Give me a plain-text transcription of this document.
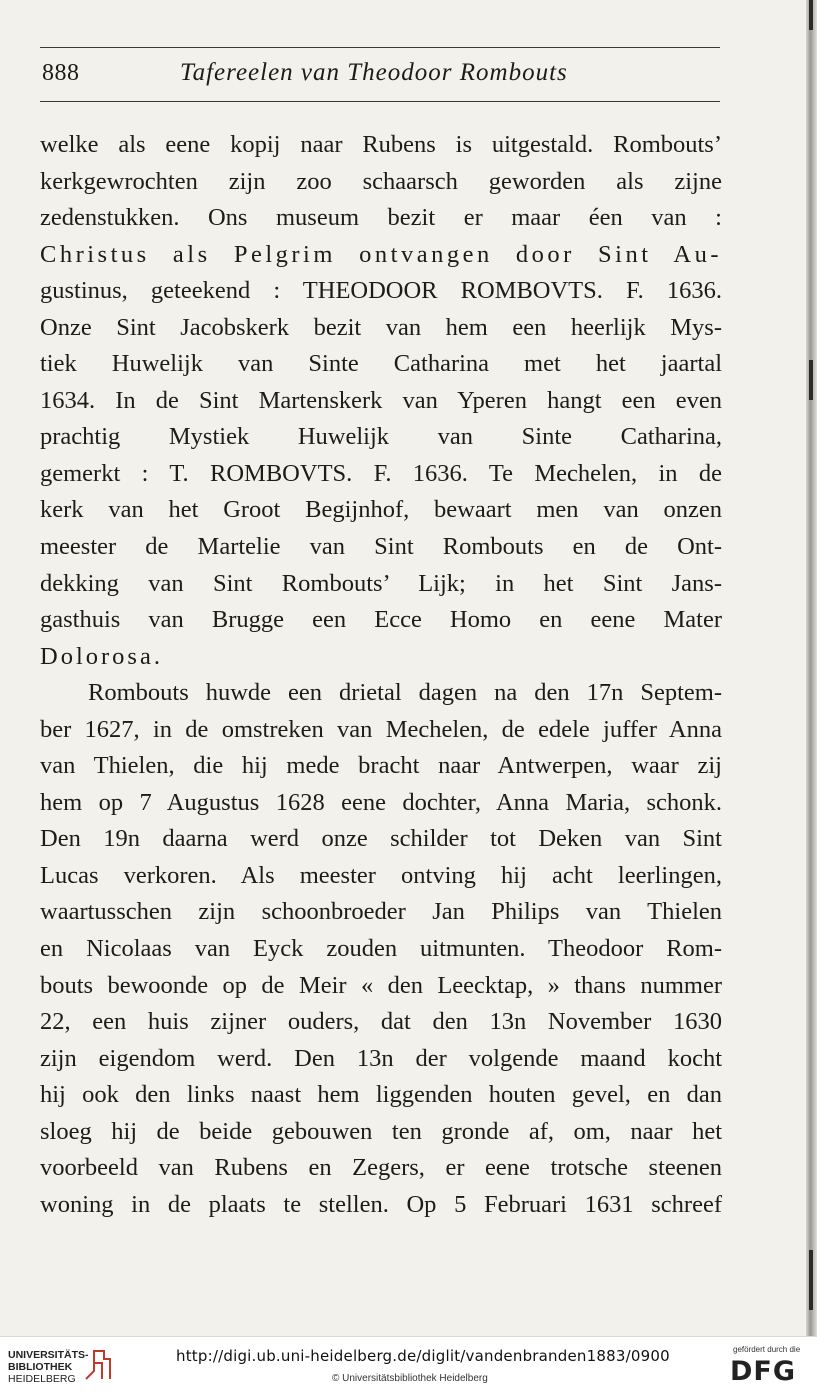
888	Tafereelen van Theodoor Rombouts
welke als eene kopij naar Rubens is uitgestald. Rombouts’
kerkgewrochten zijn zoo schaarsch geworden als zijne
zedenstukken. Ons museum bezit er maar éen van :
Christus als Pelgrim ontvangen door Sint Au-
gustinus, geteekend : THEODOOR ROMBOVTS. F. 1636.
Onze Sint Jacobskerk bezit van hem een heerlijk Mys-
tiek Huwelijk van Sinte Catharina met het jaartal
1634. In de Sint Martenskerk van Yperen hangt een even
prachtig Mystiek Huwelijk van Sinte Catharina,
gemerkt : T. ROMBOVTS. F. 1636. Te Mechelen, in de
kerk van het Groot Begijnhof, bewaart men van onzen
meester de Martelie van Sint Rombouts en de Ont-
dekking van Sint Rombouts’ Lijk; in het Sint Jans-
gasthuis van Brugge een Ecce Homo en eene Mater
Dolorosa.
Rombouts huwde een drietal dagen na den 17n Septem-
ber 1627, in de omstreken van Mechelen, de edele juffer Anna
van Thielen, die hij mede bracht naar Antwerpen, waar zij
hem op 7 Augustus 1628 eene dochter, Anna Maria, schonk.
Den 19n daarna werd onze schilder tot Deken van Sint
Lucas verkoren. Als meester ontving hij acht leerlingen,
waartusschen zijn schoonbroeder Jan Philips van Thielen
en Nicolaas van Eyck zouden uitmunten. Theodoor Rom-
bouts bewoonde op de Meir « den Leecktap, » thans nummer
22, een huis zijner ouders, dat den 13n November 1630
zijn eigendom werd. Den 13n der volgende maand kocht
hij ook den links naast hem liggenden houten gevel, en dan
sloeg hij de beide gebouwen ten gronde af, om, naar het
voorbeeld van Rubens en Zegers, er eene trotsche steenen
woning in de plaats te stellen. Op 5 Februari 1631 schreef
UNIVERSITÄTS-
BIBLIOTHEK
HEIDELBERG
http://digi.ub.uni-heidelberg.de/diglit/vandenbranden1883/0900
© Universitätsbibliothek Heidelberg
gefördert durch die
DFG
